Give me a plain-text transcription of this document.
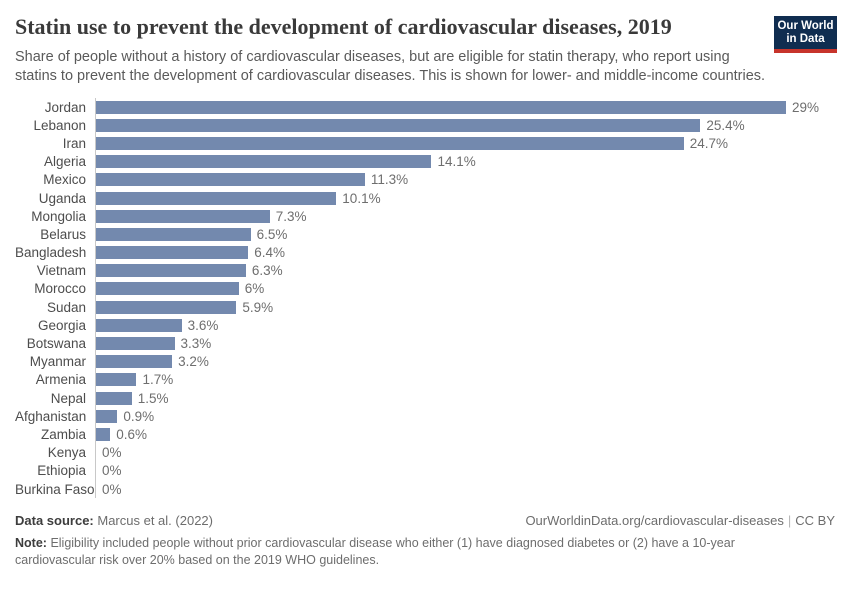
Statin use to prevent the development of cardiovascular diseases, 2019

Share of people without a history of cardiovascular diseases, but are eligible for statin therapy, who report using statins to prevent the development of cardiovascular diseases. This is shown for lower- and middle-income countries.

Our World
in Data
Jordan	29%
Lebanon	25.4%
Iran	24.7%
Algeria	14.1%
Mexico	11.3%
Uganda	10.1%
Mongolia	7.3%
Belarus	6.5%
Bangladesh	6.4%
Vietnam	6.3%
Morocco	6%
Sudan	5.9%
Georgia	3.6%
Botswana	3.3%
Myanmar	3.2%
Armenia	1.7%
Nepal	1.5%
Afghanistan	0.9%
Zambia	0.6%
Kenya	0%
Ethiopia	0%
Burkina Faso 0%
Data source: Marcus et al. (2022)	OurWorldinData.org/cardiovascular-diseases | CC BY

Note: Eligibility included people without prior cardiovascular disease who either (1) have diagnosed diabetes or (2) have a 10-year cardiovascular risk over 20% based on the 2019 WHO guidelines.
